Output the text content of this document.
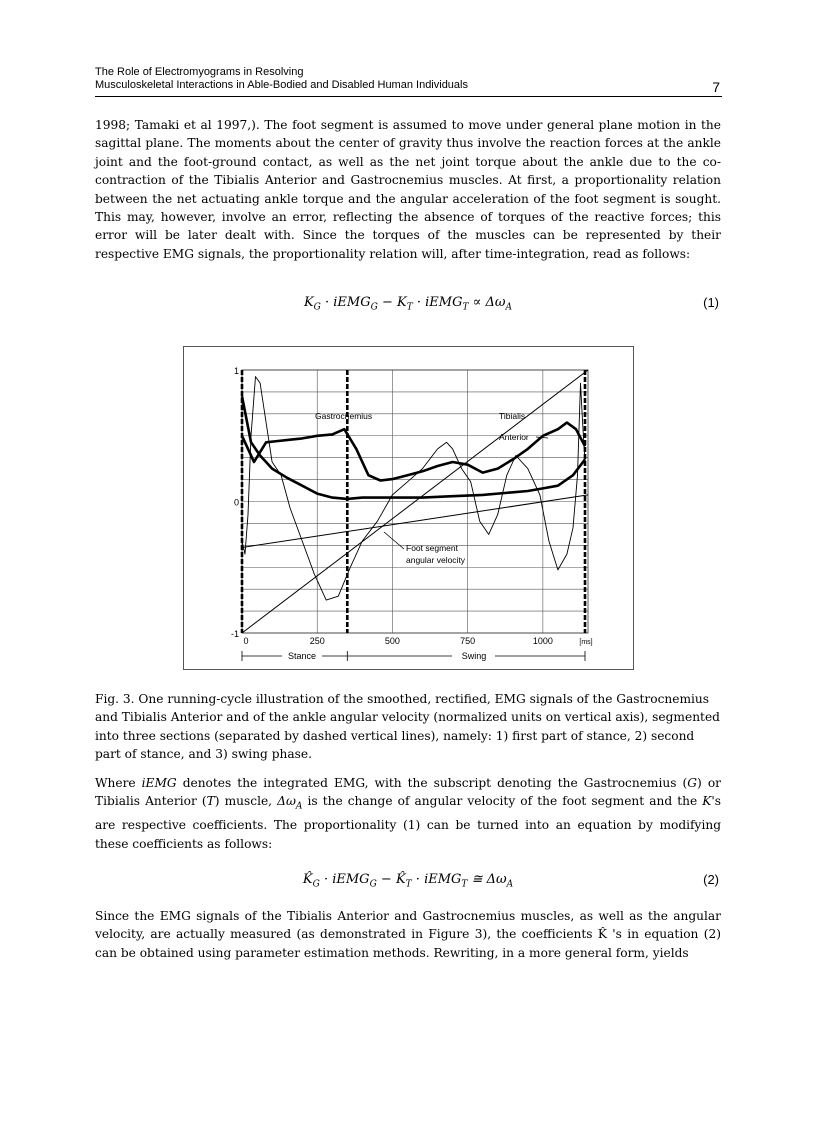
The Role of Electromyograms in Resolving
Musculoskeletal Interactions in Able-Bodied and Disabled Human Individuals	7

1998; Tamaki et al 1997,). The foot segment is assumed to move under general plane motion in the sagittal plane. The moments about the center of gravity thus involve the reaction forces at the ankle joint and the foot-ground contact, as well as the net joint torque about the ankle due to the co-contraction of the Tibialis Anterior and Gastrocnemius muscles. At first, a proportionality relation between the net actuating ankle torque and the angular acceleration of the foot segment is sought. This may, however, involve an error, reflecting the absence of torques of the reactive forces; this error will be later dealt with. Since the torques of the muscles can be represented by their respective EMG signals, the proportionality relation will, after time-integration, read as follows:

$K_G$ · iEMG$_G$ − $K_T$ · iEMG$_T$ ∝ $\Delta\omega_A$	(1)
1
0
-1
0	250	500	750	1000	[ms]
Gastrocnemius	Tibialis
Anterior
Foot segment
angular velocity
Stance	Swing

Fig. 3. One running-cycle illustration of the smoothed, rectified, EMG signals of the Gastrocnemius and Tibialis Anterior and of the ankle angular velocity (normalized units on vertical axis), segmented into three sections (separated by dashed vertical lines), namely: 1) first part of stance, 2) second part of stance, and 3) swing phase.

Where iEMG denotes the integrated EMG, with the subscript denoting the Gastrocnemius (G) or Tibialis Anterior (T) muscle, $\Delta\omega_A$ is the change of angular velocity of the foot segment and the K's are respective coefficients. The proportionality (1) can be turned into an equation by modifying these coefficients as follows:

$K̂_G$ · iEMG$_G$ − $K̂_T$ · iEMG$_T$ ≅ $\Delta\omega_A$	(2)

Since the EMG signals of the Tibialis Anterior and Gastrocnemius muscles, as well as the angular velocity, are actually measured (as demonstrated in Figure 3), the coefficients K̂ 's in equation (2) can be obtained using parameter estimation methods. Rewriting, in a more general form, yields
